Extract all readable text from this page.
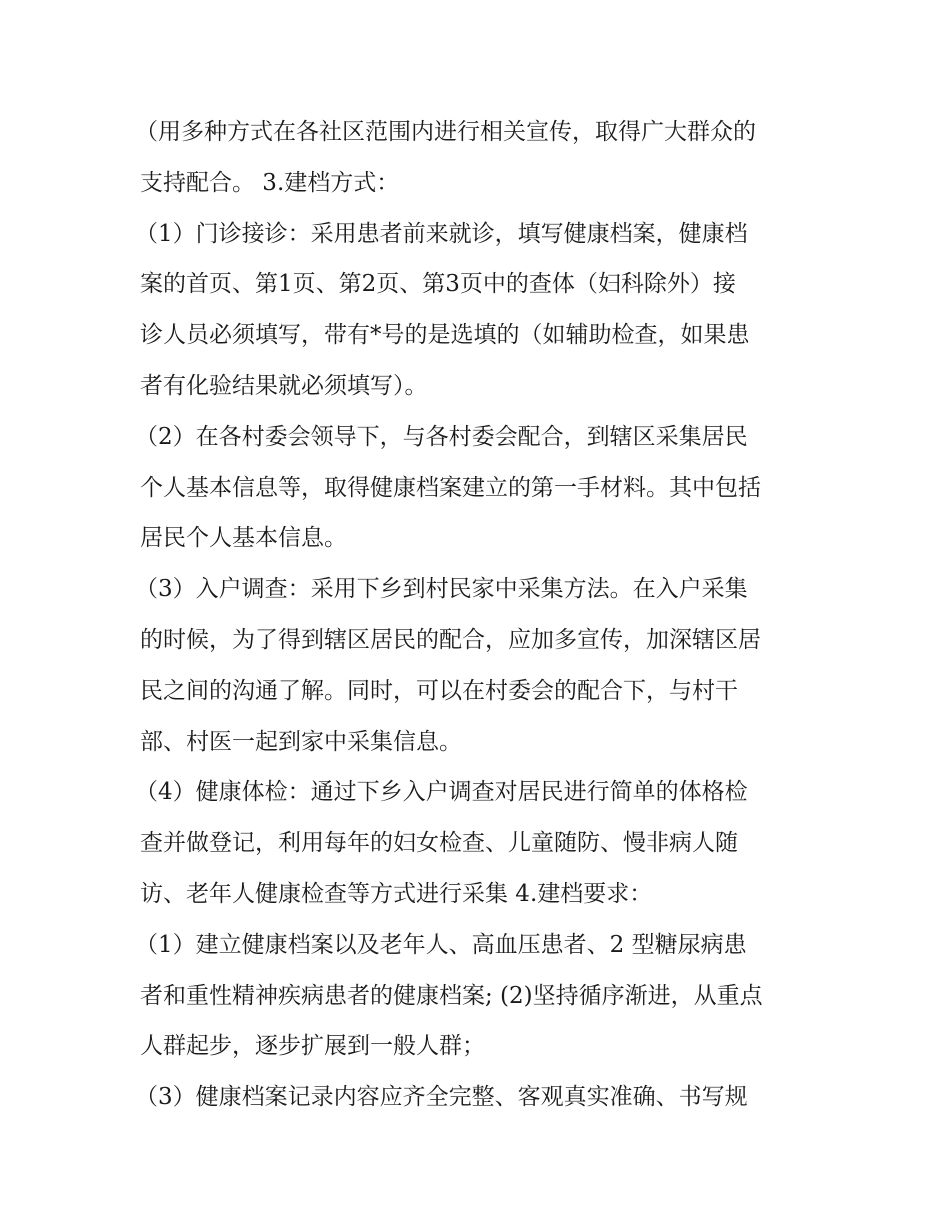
（用多种方式在各社区范围内进行相关宣传，取得广大群众的
支持配合。 3.建档方式：
（1）门诊接诊：采用患者前来就诊，填写健康档案，健康档
案的首页、第1页、第2页、第3页中的查体（妇科除外）接
诊人员必须填写，带有*号的是选填的（如辅助检查，如果患
者有化验结果就必须填写）。
（2）在各村委会领导下，与各村委会配合，到辖区采集居民
个人基本信息等，取得健康档案建立的第一手材料。其中包括
居民个人基本信息。
（3）入户调查：采用下乡到村民家中采集方法。在入户采集
的时候，为了得到辖区居民的配合，应加多宣传，加深辖区居
民之间的沟通了解。同时，可以在村委会的配合下，与村干
部、村医一起到家中采集信息。
（4）健康体检：通过下乡入户调查对居民进行简单的体格检
查并做登记，利用每年的妇女检查、儿童随防、慢非病人随
访、老年人健康检查等方式进行采集 4.建档要求：
（1）建立健康档案以及老年人、高血压患者、2 型糖尿病患
者和重性精神疾病患者的健康档案; (2)坚持循序渐进，从重点
人群起步，逐步扩展到一般人群；
（3）健康档案记录内容应齐全完整、客观真实准确、书写规
